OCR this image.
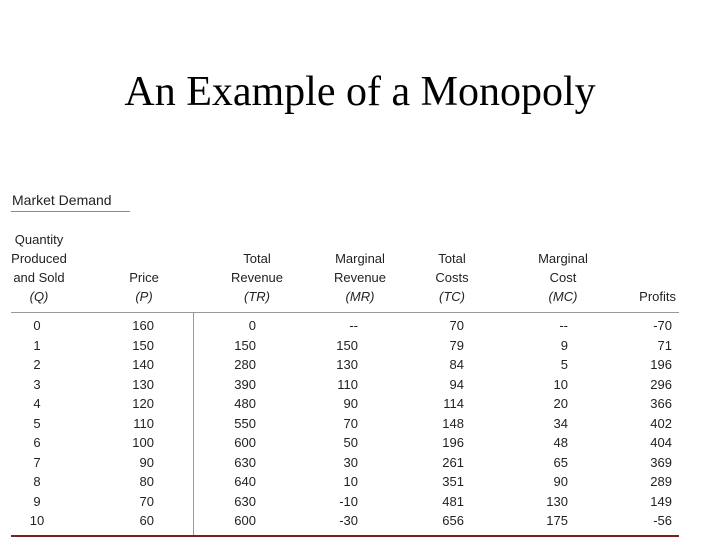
An Example of a Monopoly
Market Demand
Quantity
Produced
and Sold
(Q)
Price
(P)
Total
Revenue
(TR)
Marginal
Revenue
(MR)
Total
Costs
(TC)
Marginal
Cost
(MC)	Profits
0	160	0	--	70	--	-70
1	150	150	150	79	9	71
2	140	280	130	84	5	196
3	130	390	110	94	10	296
4	120	480	90	114	20	366
5	110	550	70	148	34	402
6	100	600	50	196	48	404
7	90	630	30	261	65	369
8	80	640	10	351	90	289
9	70	630	-10	481	130	149
10	60	600	-30	656	175	-56
